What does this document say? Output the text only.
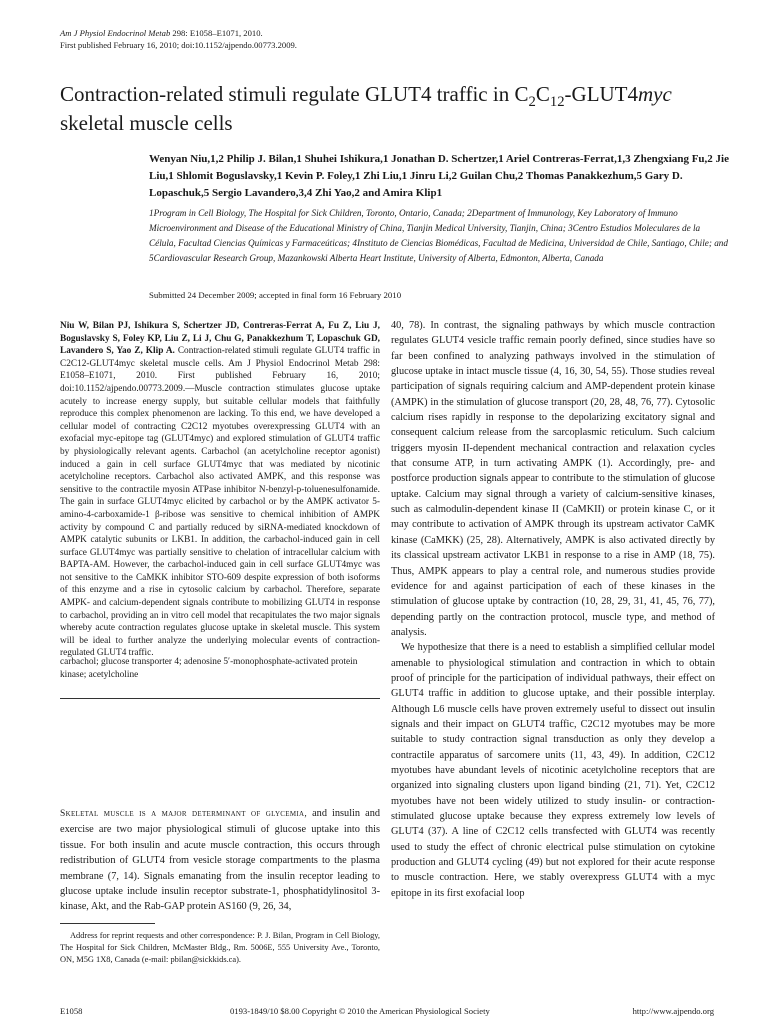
Am J Physiol Endocrinol Metab 298: E1058–E1071, 2010.
First published February 16, 2010; doi:10.1152/ajpendo.00773.2009.
Contraction-related stimuli regulate GLUT4 traffic in $C_2C_{12}-GLUT4myc$
skeletal muscle cells
Wenyan Niu,1,2 Philip J. Bilan,1 Shuhei Ishikura,1 Jonathan D. Schertzer,1 Ariel Contreras-Ferrat,1,3 Zhengxiang Fu,2 Jie Liu,1 Shlomit Boguslavsky,1 Kevin P. Foley,1 Zhi Liu,1 Jinru Li,2 Guilan Chu,2 Thomas Panakkezhum,5 Gary D. Lopaschuk,5 Sergio Lavandero,3,4 Zhi Yao,2 and Amira Klip1
1Program in Cell Biology, The Hospital for Sick Children, Toronto, Ontario, Canada; 2Department of Immunology, Key Laboratory of Immuno Microenvironment and Disease of the Educational Ministry of China, Tianjin Medical University, Tianjin, China; 3Centro Estudios Moleculares de la Célula, Facultad Ciencias Químicas y Farmaceúticas; 4Instituto de Ciencias Biomédicas, Facultad de Medicina, Universidad de Chile, Santiago, Chile; and 5Cardiovascular Research Group, Mazankowski Alberta Heart Institute, University of Alberta, Edmonton, Alberta, Canada
Submitted 24 December 2009; accepted in final form 16 February 2010
Niu W, Bilan PJ, Ishikura S, Schertzer JD, Contreras-Ferrat A, Fu Z, Liu J, Boguslavsky S, Foley KP, Liu Z, Li J, Chu G, Panakkezhum T, Lopaschuk GD, Lavandero S, Yao Z, Klip A. Contraction-related stimuli regulate GLUT4 traffic in C2C12-GLUT4myc skeletal muscle cells. Am J Physiol Endocrinol Metab 298: E1058–E1071, 2010. First published February 16, 2010; doi:10.1152/ajpendo.00773.2009.—Muscle contraction stimulates glucose uptake acutely to increase energy supply, but suitable cellular models that faithfully reproduce this complex phenomenon are lacking. To this end, we have developed a cellular model of contracting C2C12 myotubes overexpressing GLUT4 with an exofacial myc-epitope tag (GLUT4myc) and explored stimulation of GLUT4 traffic by physiologically relevant agents. Carbachol (an acetylcholine receptor agonist) induced a gain in cell surface GLUT4myc that was mediated by nicotinic acetylcholine receptors. Carbachol also activated AMPK, and this response was sensitive to the contractile myosin ATPase inhibitor N-benzyl-p-toluenesulfonamide. The gain in surface GLUT4myc elicited by carbachol or by the AMPK activator 5-amino-4-carboxamide-1 β-ribose was sensitive to chemical inhibition of AMPK activity by compound C and partially reduced by siRNA-mediated knockdown of AMPK catalytic subunits or LKB1. In addition, the carbachol-induced gain in cell surface GLUT4myc was partially sensitive to chelation of intracellular calcium with BAPTA-AM. However, the carbachol-induced gain in cell surface GLUT4myc was not sensitive to the CaMKK inhibitor STO-609 despite expression of both isoforms of this enzyme and a rise in cytosolic calcium by carbachol. Therefore, separate AMPK- and calcium-dependent signals contribute to mobilizing GLUT4 in response to carbachol, providing an in vitro cell model that recapitulates the two major signals whereby acute contraction regulates glucose uptake in skeletal muscle. This system will be ideal to further analyze the underlying molecular events of contraction-regulated GLUT4 traffic.
carbachol; glucose transporter 4; adenosine 5′-monophosphate-activated protein kinase; acetylcholine
Skeletal muscle is a major determinant of glycemia, and insulin and exercise are two major physiological stimuli of glucose uptake into this tissue. For both insulin and acute muscle contraction, this occurs through redistribution of GLUT4 from vesicle storage compartments to the plasma membrane (7, 14). Signals emanating from the insulin receptor leading to glucose uptake include insulin receptor substrate-1, phosphatidylinositol 3-kinase, Akt, and the Rab-GAP protein AS160 (9, 26, 34,
Address for reprint requests and other correspondence: P. J. Bilan, Program in Cell Biology, The Hospital for Sick Children, McMaster Bldg., Rm. 5006E, 555 University Ave., Toronto, ON, M5G 1X8, Canada (e-mail: pbilan@sickkids.ca).

40, 78). In contrast, the signaling pathways by which muscle contraction regulates GLUT4 vesicle traffic remain poorly defined, since studies have so far been confined to analyzing pathways involved in the stimulation of glucose uptake in intact muscle tissue (4, 16, 30, 54, 55). Those studies reveal participation of signals requiring calcium and AMP-dependent protein kinase (AMPK) in the stimulation of glucose transport (20, 28, 48, 76, 77). Cytosolic calcium rises rapidly in response to the depolarizing excitatory signal and consequent calcium release from the sarcoplasmic reticulum. Such calcium triggers myosin II-dependent mechanical contraction and relaxation cycles that consume ATP, in turn activating AMPK (1). Accordingly, pre- and postforce production signals appear to contribute to the stimulation of glucose uptake. Calcium may signal through a variety of calcium-sensitive kinases, such as calmodulin-dependent kinase II (CaMKII) or protein kinase C, or it may contribute to activation of AMPK through its upstream activator CaMK kinase (CaMKK) (25, 28). Alternatively, AMPK is also activated directly by its classical upstream activator LKB1 in response to a rise in AMP (18, 75). Thus, AMPK appears to play a central role, and numerous studies provide evidence for and against participation of each of these kinases in the stimulation of glucose uptake by contraction (10, 28, 29, 31, 41, 45, 76, 77), depending partly on the contraction protocol, muscle type, and method of analysis.

We hypothesize that there is a need to establish a simplified cellular model amenable to physiological stimulation and contraction in which to obtain proof of principle for the participation of individual pathways, their effect on GLUT4 traffic in addition to glucose uptake, and their possible interplay. Although L6 muscle cells have proven extremely useful to dissect out insulin signals and their impact on GLUT4 traffic, C2C12 myotubes may be more suitable to study contraction signal transduction as only they develop a contractile apparatus of sarcomere units (11, 43, 49). In addition, C2C12 myotubes have abundant levels of nicotinic acetylcholine receptors that are organized into signaling clusters upon ligand binding (21, 71). Yet, C2C12 myotubes have not been widely utilized to study insulin- or contraction-stimulated glucose uptake because they express extremely low levels of GLUT4 (37). A line of C2C12 cells transfected with GLUT4 was recently used to study the effect of chronic electrical pulse stimulation on cytokine production and GLUT4 cycling (49) but not explored for their acute response to muscle contraction. Here, we stably overexpress GLUT4 with a myc epitope in its first exofacial loop

E1058	0193-1849/10 $8.00 Copyright © 2010 the American Physiological Society	http://www.ajpendo.org
